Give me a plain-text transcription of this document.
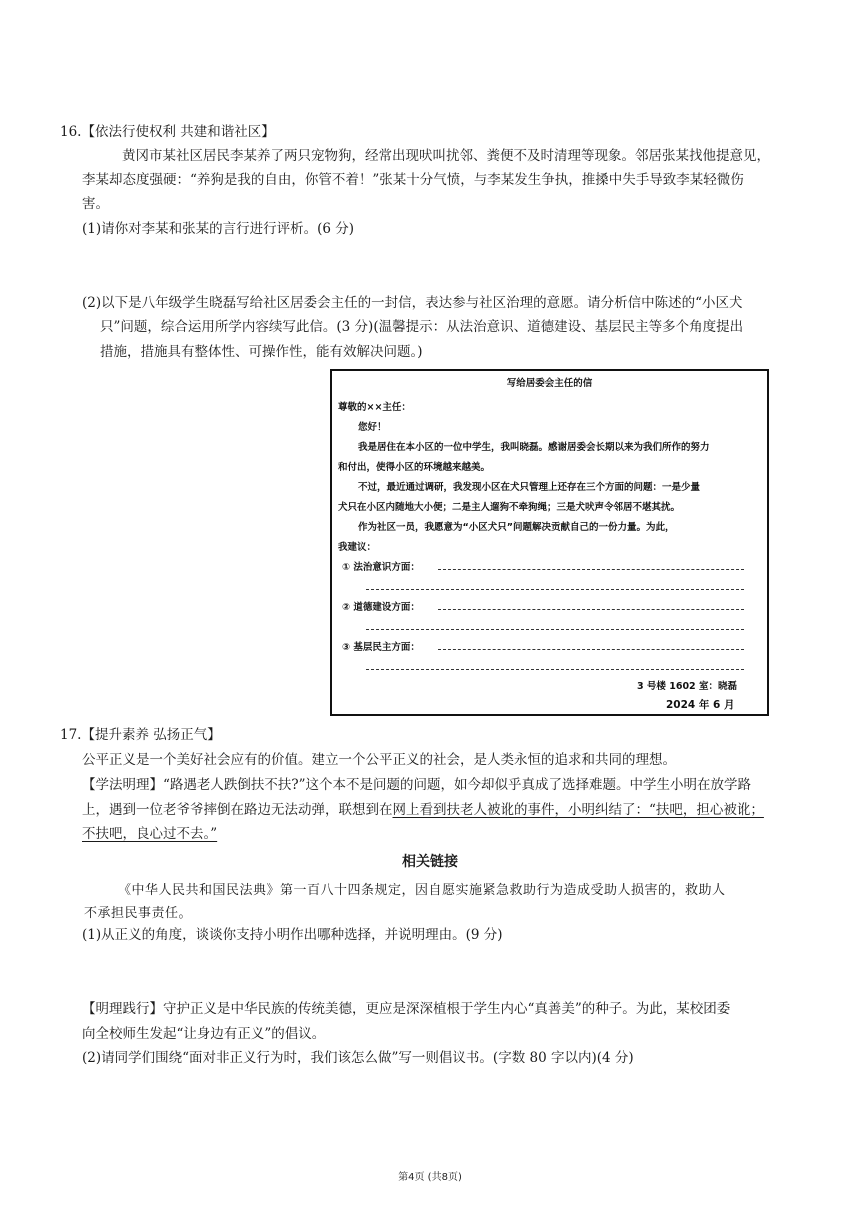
16.【依法行使权利 共建和谐社区】
黄冈市某社区居民李某养了两只宠物狗，经常出现吠叫扰邻、粪便不及时清理等现象。邻居张某找他提意见，
李某却态度强硬：“养狗是我的自由，你管不着！”张某十分气愤，与李某发生争执，推搡中失手导致李某轻微伤
害。
(1)请你对李某和张某的言行进行评析。(6 分)
(2)以下是八年级学生晓磊写给社区居委会主任的一封信，表达参与社区治理的意愿。请分析信中陈述的“小区犬
只”问题，综合运用所学内容续写此信。(3 分)(温馨提示：从法治意识、道德建设、基层民主等多个角度提出
措施，措施具有整体性、可操作性，能有效解决问题。)
写给居委会主任的信
尊敬的××主任：
您好！
我是居住在本小区的一位中学生，我叫晓磊。感谢居委会长期以来为我们所作的努力
和付出，使得小区的环境越来越美。
不过，最近通过调研，我发现小区在犬只管理上还存在三个方面的问题：一是少量
犬只在小区内随地大小便；二是主人遛狗不牵狗绳；三是犬吠声令邻居不堪其扰。
作为社区一员，我愿意为“小区犬只”问题解决贡献自己的一份力量。为此，
我建议：
① 法治意识方面：
② 道德建设方面：
③ 基层民主方面：
3 号楼 1602 室：晓磊
2024 年 6 月
17.【提升素养 弘扬正气】
公平正义是一个美好社会应有的价值。建立一个公平正义的社会，是人类永恒的追求和共同的理想。
【学法明理】“路遇老人跌倒扶不扶?”这个本不是问题的问题，如今却似乎真成了选择难题。中学生小明在放学路
上，遇到一位老爷爷摔倒在路边无法动弹，联想到在网上看到扶老人被讹的事件，小明纠结了：“扶吧，担心被讹；
不扶吧，良心过不去。”
相关链接
《中华人民共和国民法典》第一百八十四条规定，因自愿实施紧急救助行为造成受助人损害的，救助人
不承担民事责任。
(1)从正义的角度，谈谈你支持小明作出哪种选择，并说明理由。(9 分)
【明理践行】守护正义是中华民族的传统美德，更应是深深植根于学生内心“真善美”的种子。为此，某校团委
向全校师生发起“让身边有正义”的倡议。
(2)请同学们围绕“面对非正义行为时，我们该怎么做”写一则倡议书。(字数 80 字以内)(4 分)
第4页 (共8页)
